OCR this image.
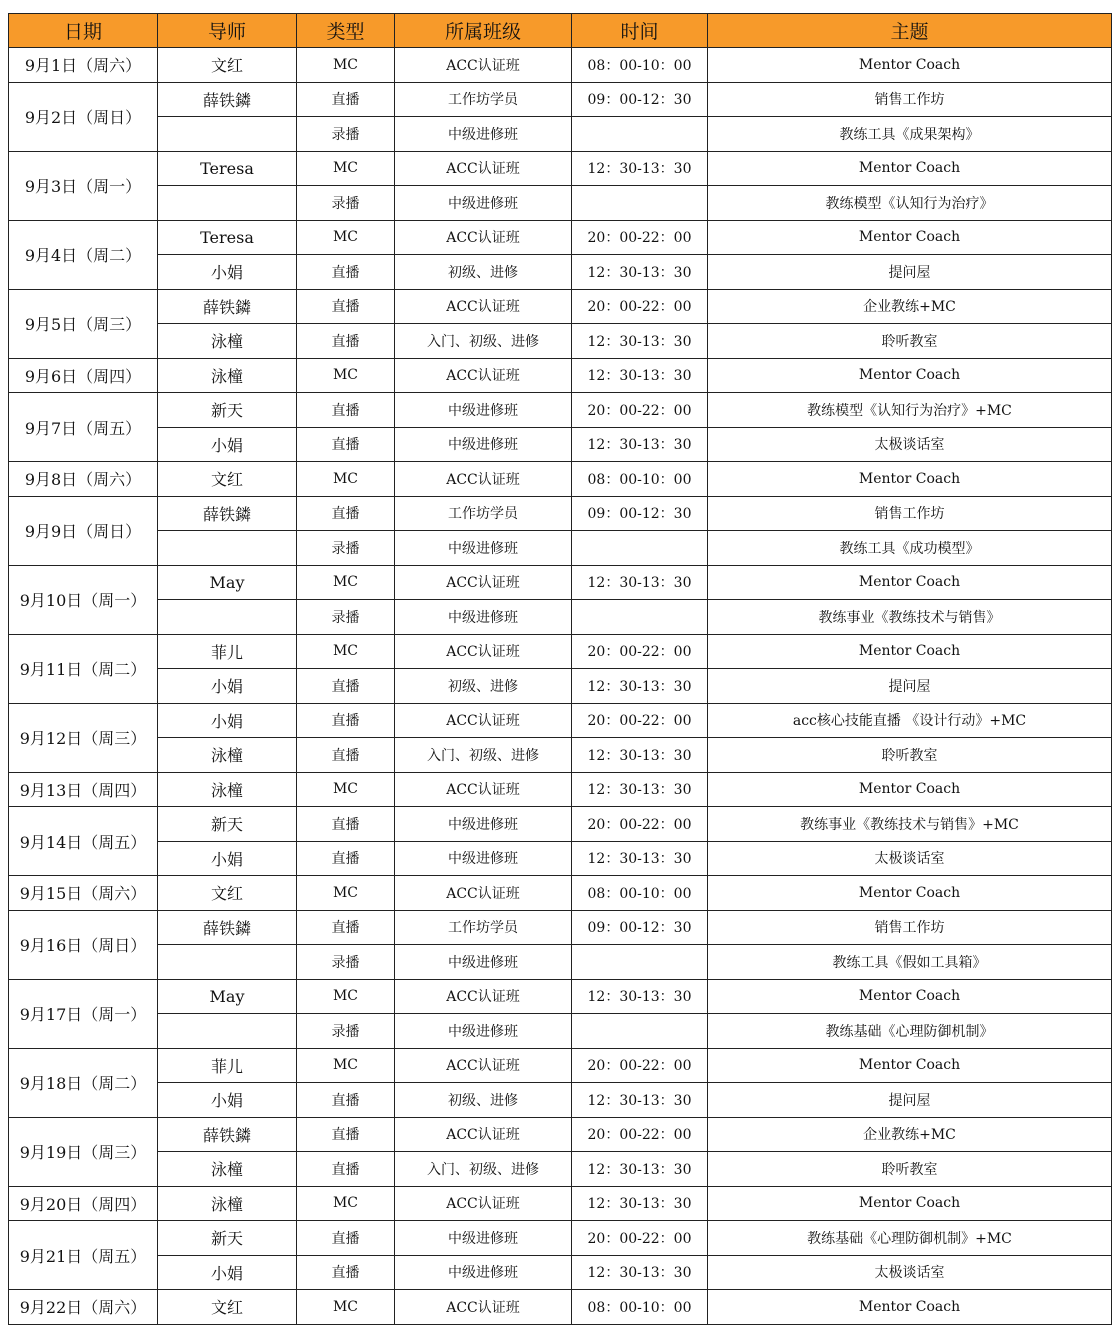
日期	导师	类型	所属班级	时间	主题
9月1日（周六）	文红	MC	ACC认证班	08：00-10：00	Mentor Coach
9月2日（周日）	薛铁鏻	直播	工作坊学员	09：00-12：30	销售工作坊
		录播	中级进修班		教练工具《成果架构》
9月3日（周一）	Teresa	MC	ACC认证班	12：30-13：30	Mentor Coach
		录播	中级进修班		教练模型《认知行为治疗》
9月4日（周二）	Teresa	MC	ACC认证班	20：00-22：00	Mentor Coach
	小娟	直播	初级、进修	12：30-13：30	提问屋
9月5日（周三）	薛铁鏻	直播	ACC认证班	20：00-22：00	企业教练+MC
	泳橦	直播	入门、初级、进修	12：30-13：30	聆听教室
9月6日（周四）	泳橦	MC	ACC认证班	12：30-13：30	Mentor Coach
9月7日（周五）	新天	直播	中级进修班	20：00-22：00	教练模型《认知行为治疗》+MC
	小娟	直播	中级进修班	12：30-13：30	太极谈话室
9月8日（周六）	文红	MC	ACC认证班	08：00-10：00	Mentor Coach
9月9日（周日）	薛铁鏻	直播	工作坊学员	09：00-12：30	销售工作坊
		录播	中级进修班		教练工具《成功模型》
9月10日（周一）	May	MC	ACC认证班	12：30-13：30	Mentor Coach
		录播	中级进修班		教练事业《教练技术与销售》
9月11日（周二）	菲儿	MC	ACC认证班	20：00-22：00	Mentor Coach
	小娟	直播	初级、进修	12：30-13：30	提问屋
9月12日（周三）	小娟	直播	ACC认证班	20：00-22：00	acc核心技能直播 《设计行动》+MC
	泳橦	直播	入门、初级、进修	12：30-13：30	聆听教室
9月13日（周四）	泳橦	MC	ACC认证班	12：30-13：30	Mentor Coach
9月14日（周五）	新天	直播	中级进修班	20：00-22：00	教练事业《教练技术与销售》+MC
	小娟	直播	中级进修班	12：30-13：30	太极谈话室
9月15日（周六）	文红	MC	ACC认证班	08：00-10：00	Mentor Coach
9月16日（周日）	薛铁鏻	直播	工作坊学员	09：00-12：30	销售工作坊
		录播	中级进修班		教练工具《假如工具箱》
9月17日（周一）	May	MC	ACC认证班	12：30-13：30	Mentor Coach
		录播	中级进修班		教练基础《心理防御机制》
9月18日（周二）	菲儿	MC	ACC认证班	20：00-22：00	Mentor Coach
	小娟	直播	初级、进修	12：30-13：30	提问屋
9月19日（周三）	薛铁鏻	直播	ACC认证班	20：00-22：00	企业教练+MC
	泳橦	直播	入门、初级、进修	12：30-13：30	聆听教室
9月20日（周四）	泳橦	MC	ACC认证班	12：30-13：30	Mentor Coach
9月21日（周五）	新天	直播	中级进修班	20：00-22：00	教练基础《心理防御机制》+MC
	小娟	直播	中级进修班	12：30-13：30	太极谈话室
9月22日（周六）	文红	MC	ACC认证班	08：00-10：00	Mentor Coach
